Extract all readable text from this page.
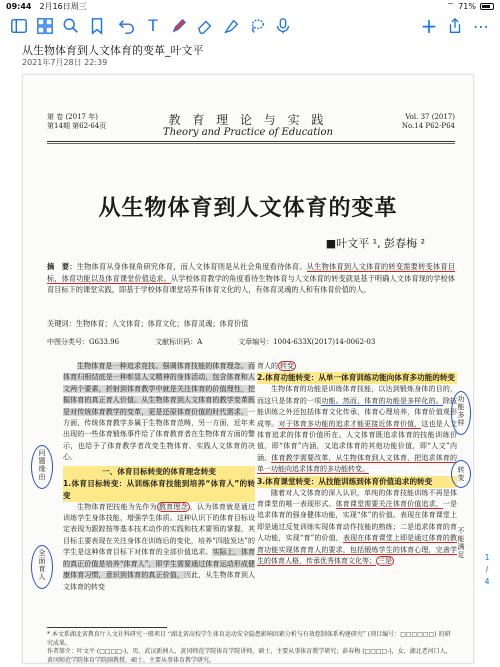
09:44 2月16日周三	⌔ 71%
T	+ ⋯
从生物体育到人文体育的变革_叶文平
2021年7月28日 22:39
第 卷 (2017 年)
第14期 第62-64页	教 育 理 论 与 实 践
Theory and Practice of Education
Vol. 37 (2017)
No.14 P62-P64
从生物体育到人文体育的变革
■叶文平 ¹, 彭春梅 ²
摘　要：生物体育从身体视角研究体育，而人文体育则是从社会角度看待体育。从生物体育到人文体育的转变需要转变体育目标，体育功能以及体育课堂价值追求。从学校体育教学的角度看待生物体育与人文体育的转变就是基于明确人文体育现的学校体育目标下的课堂实践，即基于学校体育课堂培养有体育文化的人，有体育灵魂的人和有体育价值的人。
关键词：生物体育；人文体育；体育文化；体育灵魂；体育价值
中图分类号：G633.96	文献标识码：A	文章编号：1004-633X(2017)14-0062-03
生物体育是一种追求竞技、强调体育技能的体育理念。而体育归根结底是一种彰显人文精神的身体活动，包含体育和人文两个要素，折射到体育教学中就是关注体育的价值理性，挖掘体育的真正育人价值。从生物体育到人文体育的教学变革既是对传统体育教学的变革，更是还原体育价值的时代需求。一方面，传统体育教学多属于生物体育范畴，另一方面，近年来出现的一些体育锻炼事件给了体育教育者在生物体育方面的警示，也给予了体育教学者改变生物体育、实践人文体育的决心。
一、体育目标转变的体育理念转变
1.体育目标转变：从训练体育技能到培养“体育人”的转变
生物体育把技能为先作为 教育理念 ，认为体育就是通过训练学生身体技能，增强学生体质。这种认识下的体育目标设定表现为跟踪按等基本技术动作的实践和技术要领的掌握，其目标主要表现在关注身体在训练后的变化，培养“四肢发达”的学生是这种体育目标下对体育的全部价值追求。实际上，体育的真正价值是培养“体育人”，即学生需要通过体育运动形成健康体育习惯，意识到体育的真正价值，因此，从生物体育到人文体育的转变
育人的 转变
2.体育功能转变：从单一体育训练功能向体育多功能的转变
生物体育的功能是训练体育技能，以达到锻炼身体的目的，而这只是体育的一项功能。然而，体育的功能是多样化的。除技能训练之外还包括体育文化传承，体育心理培养，体育价值观形成等。对于体育多功能的追求才能更接近体育价值，这也是人文体育追求的体育价值所在。人文体育既追求体育的技能训练价值，即“体育”内涵，又追求体育的其他功能价值，即“人文”内涵。体育教学需要改革，从生物体育到人文体育，把追求体育的单一功能向追求体育的多功能转变。
3.体育课堂转变：从技能训练到体育价值追求的转变
随着对人文体育的深入认识，单纯的体育技能训练不再是体育课堂的唯一表现形式。体育课堂需要关注体育价值追求，一是追求体育的强身健体功能，实现“体”的价值。表现在体育课堂上即是通过反复训练实现体育动作技能的熟练；二是追求体育的育人功能，实现“育”的价值，表现在体育课堂上即是通过体育的教育功能实现体育育人的要求，包括锻炼学生的体育心理，完善学生的体育人格，传承优秀体育文化等； 三是
* 本文系湖北省教育厅人文社科研究一般项目 “湖北省高校学生体育运动安全隐患影响因素分析与有效控制体系构建研究” (项目编号：□□□□□□) 的研究成果。
作者简介：叶文平 (□□□□-)，男，武汉新洲人，黄冈师范学院体育学院讲师，硕士，主要从事体育教学研究；彭春梅 (□□□□-)，女，湖北老河口人，黄冈师范学院体育学院副教授，硕士，主要从事体育教学研究。
问题缘由
全面育人
功能多样
转变
不能满足	1
/
4
